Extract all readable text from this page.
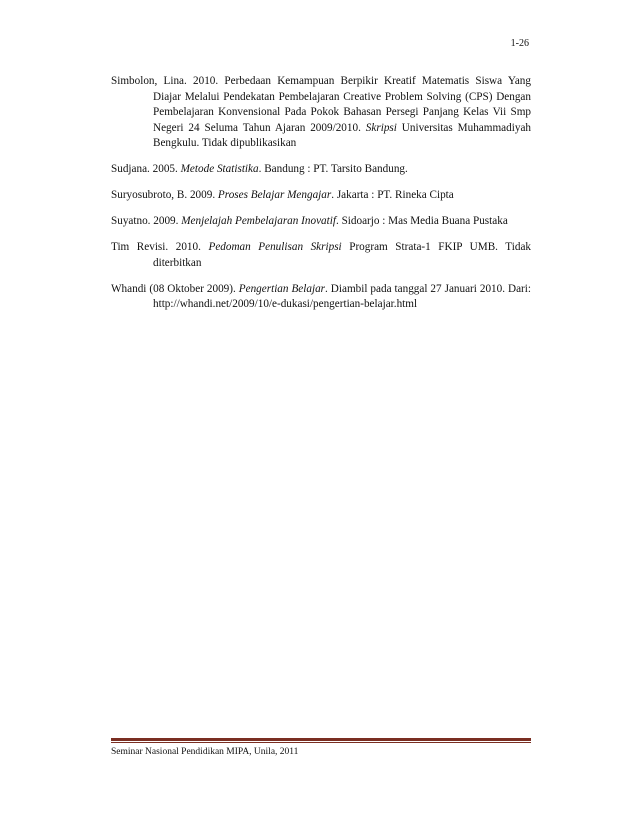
1-26

Simbolon, Lina. 2010. Perbedaan Kemampuan Berpikir Kreatif Matematis Siswa Yang Diajar Melalui Pendekatan Pembelajaran Creative Problem Solving (CPS) Dengan Pembelajaran Konvensional Pada Pokok Bahasan Persegi Panjang Kelas Vii Smp Negeri 24 Seluma Tahun Ajaran 2009/2010. Skripsi Universitas Muhammadiyah Bengkulu. Tidak dipublikasikan

Sudjana. 2005. Metode Statistika. Bandung : PT. Tarsito Bandung.

Suryosubroto, B. 2009. Proses Belajar Mengajar. Jakarta : PT. Rineka Cipta

Suyatno. 2009. Menjelajah Pembelajaran Inovatif. Sidoarjo : Mas Media Buana Pustaka

Tim Revisi. 2010. Pedoman Penulisan Skripsi Program Strata-1 FKIP UMB. Tidak diterbitkan

Whandi (08 Oktober 2009). Pengertian Belajar. Diambil pada tanggal 27 Januari 2010. Dari: http://whandi.net/2009/10/e-dukasi/pengertian-belajar.html

Seminar Nasional Pendidikan MIPA, Unila, 2011
